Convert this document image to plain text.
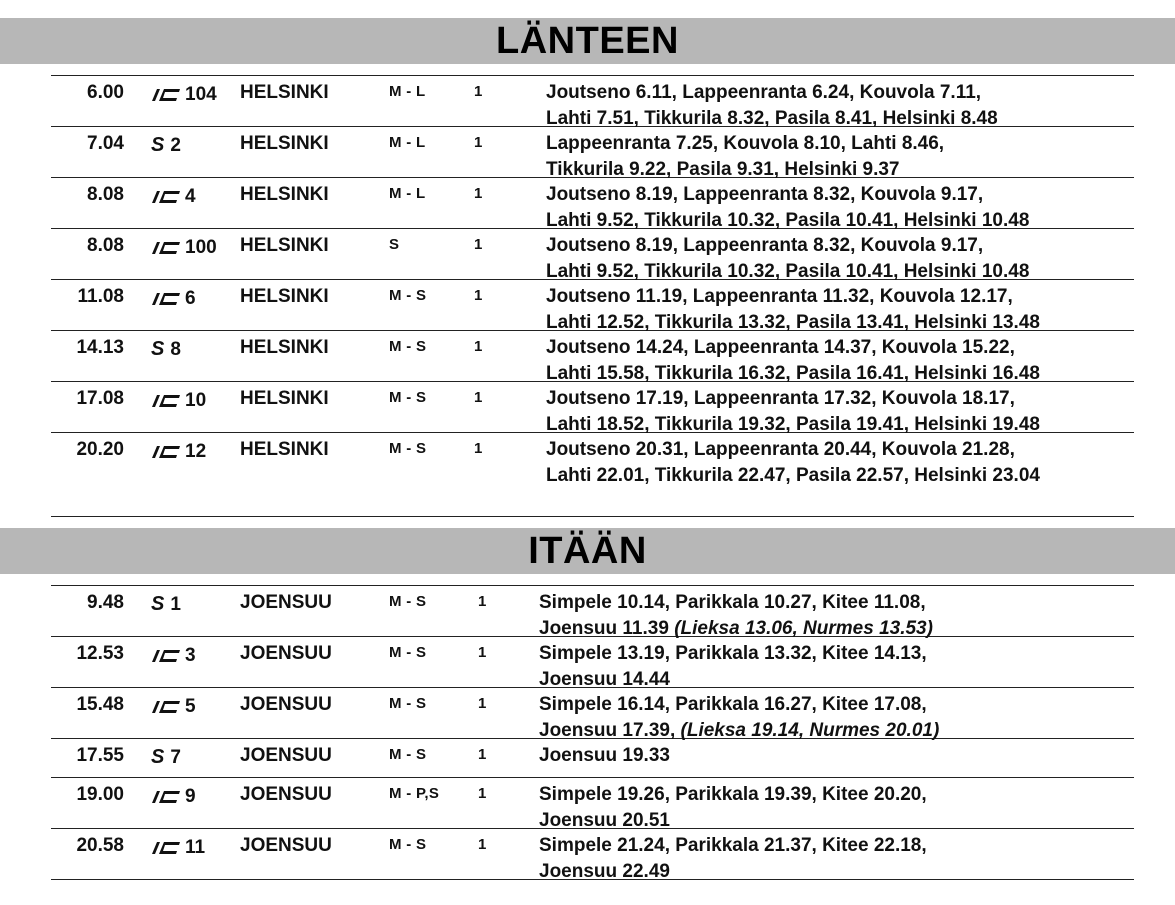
LÄNTEEN
6.00	104 HELSINKI	M - L	1	Joutseno 6.11, Lappeenranta 6.24, Kouvola 7.11,
Lahti 7.51, Tikkurila 8.32, Pasila 8.41, Helsinki 8.48
7.04 S 2	HELSINKI	M - L	1	Lappeenranta 7.25, Kouvola 8.10, Lahti 8.46,
Tikkurila 9.22, Pasila 9.31, Helsinki 9.37
8.08	4 HELSINKI	M - L	1	Joutseno 8.19, Lappeenranta 8.32, Kouvola 9.17,
Lahti 9.52, Tikkurila 10.32, Pasila 10.41, Helsinki 10.48
8.08	100 HELSINKI	S	1	Joutseno 8.19, Lappeenranta 8.32, Kouvola 9.17,
Lahti 9.52, Tikkurila 10.32, Pasila 10.41, Helsinki 10.48
11.08	6 HELSINKI	M - S	1	Joutseno 11.19, Lappeenranta 11.32, Kouvola 12.17,
Lahti 12.52, Tikkurila 13.32, Pasila 13.41, Helsinki 13.48
14.13 S 8	HELSINKI	M - S	1	Joutseno 14.24, Lappeenranta 14.37, Kouvola 15.22,
Lahti 15.58, Tikkurila 16.32, Pasila 16.41, Helsinki 16.48
17.08	10 HELSINKI	M - S	1	Joutseno 17.19, Lappeenranta 17.32, Kouvola 18.17,
Lahti 18.52, Tikkurila 19.32, Pasila 19.41, Helsinki 19.48
20.20	12 HELSINKI	M - S	1	Joutseno 20.31, Lappeenranta 20.44, Kouvola 21.28,
Lahti 22.01, Tikkurila 22.47, Pasila 22.57, Helsinki 23.04
ITÄÄN
9.48 S 1	JOENSUU	M - S	1	Simpele 10.14, Parikkala 10.27, Kitee 11.08,
Joensuu 11.39 (Lieksa 13.06, Nurmes 13.53)
12.53	3 JOENSUU	M - S	1	Simpele 13.19, Parikkala 13.32, Kitee 14.13,
Joensuu 14.44
15.48	5 JOENSUU	M - S	1	Simpele 16.14, Parikkala 16.27, Kitee 17.08,
Joensuu 17.39, (Lieksa 19.14, Nurmes 20.01)
17.55 S 7	JOENSUU	M - S	1	Joensuu 19.33
19.00	9 JOENSUU	M - P,S	1	Simpele 19.26, Parikkala 19.39, Kitee 20.20,
Joensuu 20.51
20.58	11 JOENSUU	M - S	1	Simpele 21.24, Parikkala 21.37, Kitee 22.18,
Joensuu 22.49
